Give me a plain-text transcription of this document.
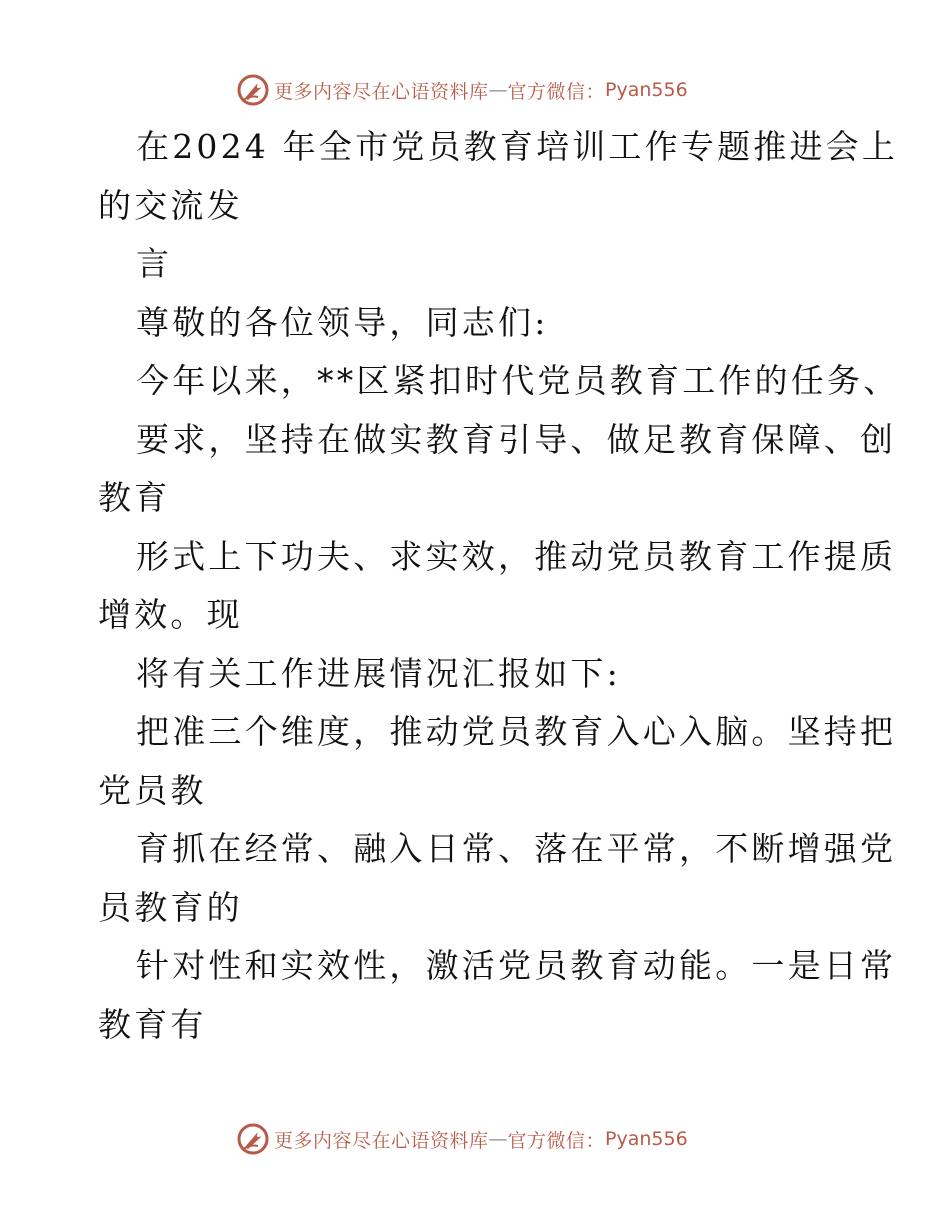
更多内容尽在心语资料库 — 官方微信： Pyan556
在2024 年全市党员教育培训工作专题推进会上
的交流发
言
尊敬的各位领导，同志们:
今年以来，**区紧扣时代党员教育工作的任务、
要求，坚持在做实教育引导、做足教育保障、创
教育
形式上下功夫、求实效，推动党员教育工作提质
增效。现
将有关工作进展情况汇报如下:
把准三个维度，推动党员教育入心入脑。坚持把
党员教
育抓在经常、融入日常、落在平常，不断增强党
员教育的
针对性和实效性，激活党员教育动能。一是日常
教育有
更多内容尽在心语资料库 — 官方微信： Pyan556
